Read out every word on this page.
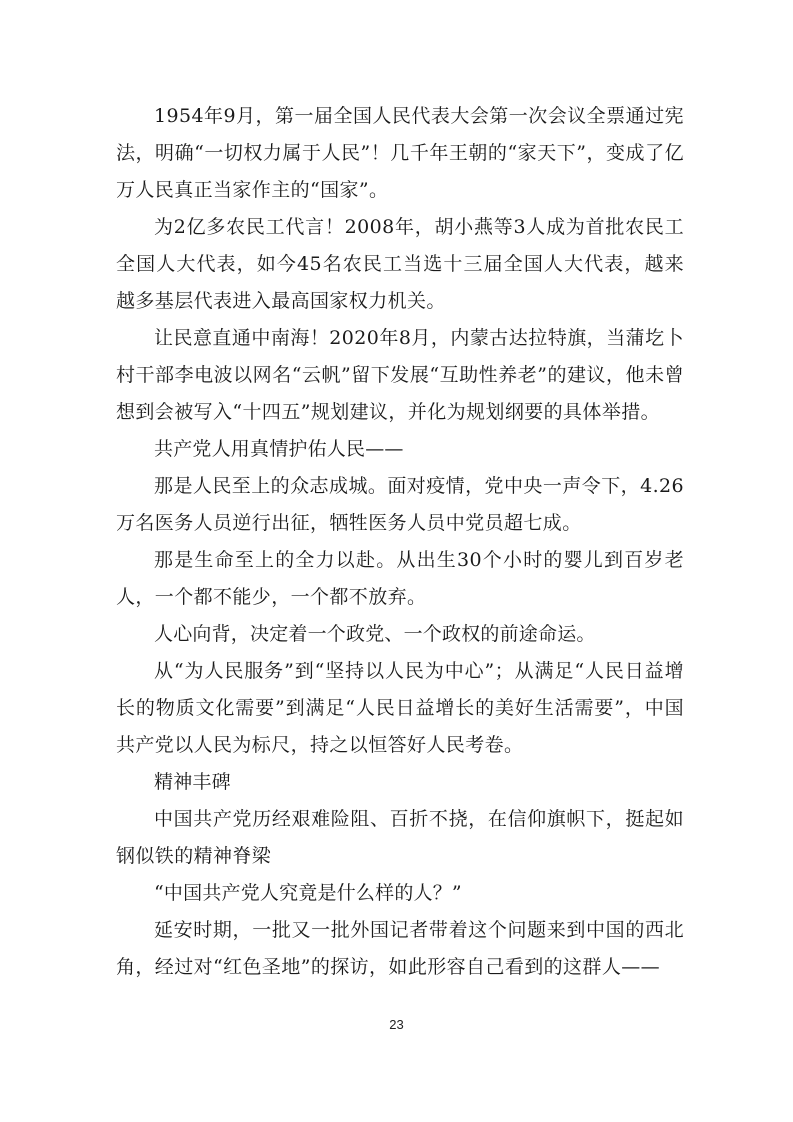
1954年9月，第一届全国人民代表大会第一次会议全票通过宪法，明确“一切权力属于人民”！几千年王朝的“家天下”，变成了亿万人民真正当家作主的“国家”。

为2亿多农民工代言！2008年，胡小燕等3人成为首批农民工全国人大代表，如今45名农民工当选十三届全国人大代表，越来越多基层代表进入最高国家权力机关。

让民意直通中南海！2020年8月，内蒙古达拉特旗，当蒲圪卜村干部李电波以网名“云帆”留下发展“互助性养老”的建议，他未曾想到会被写入“十四五”规划建议，并化为规划纲要的具体举措。

共产党人用真情护佑人民——

那是人民至上的众志成城。面对疫情，党中央一声令下，4.26万名医务人员逆行出征，牺牲医务人员中党员超七成。

那是生命至上的全力以赴。从出生30个小时的婴儿到百岁老人，一个都不能少，一个都不放弃。

人心向背，决定着一个政党、一个政权的前途命运。

从“为人民服务”到“坚持以人民为中心”；从满足“人民日益增长的物质文化需要”到满足“人民日益增长的美好生活需要”，中国共产党以人民为标尺，持之以恒答好人民考卷。

精神丰碑

中国共产党历经艰难险阻、百折不挠，在信仰旗帜下，挺起如钢似铁的精神脊梁

“中国共产党人究竟是什么样的人？”

延安时期，一批又一批外国记者带着这个问题来到中国的西北角，经过对“红色圣地”的探访，如此形容自己看到的这群人——

23
